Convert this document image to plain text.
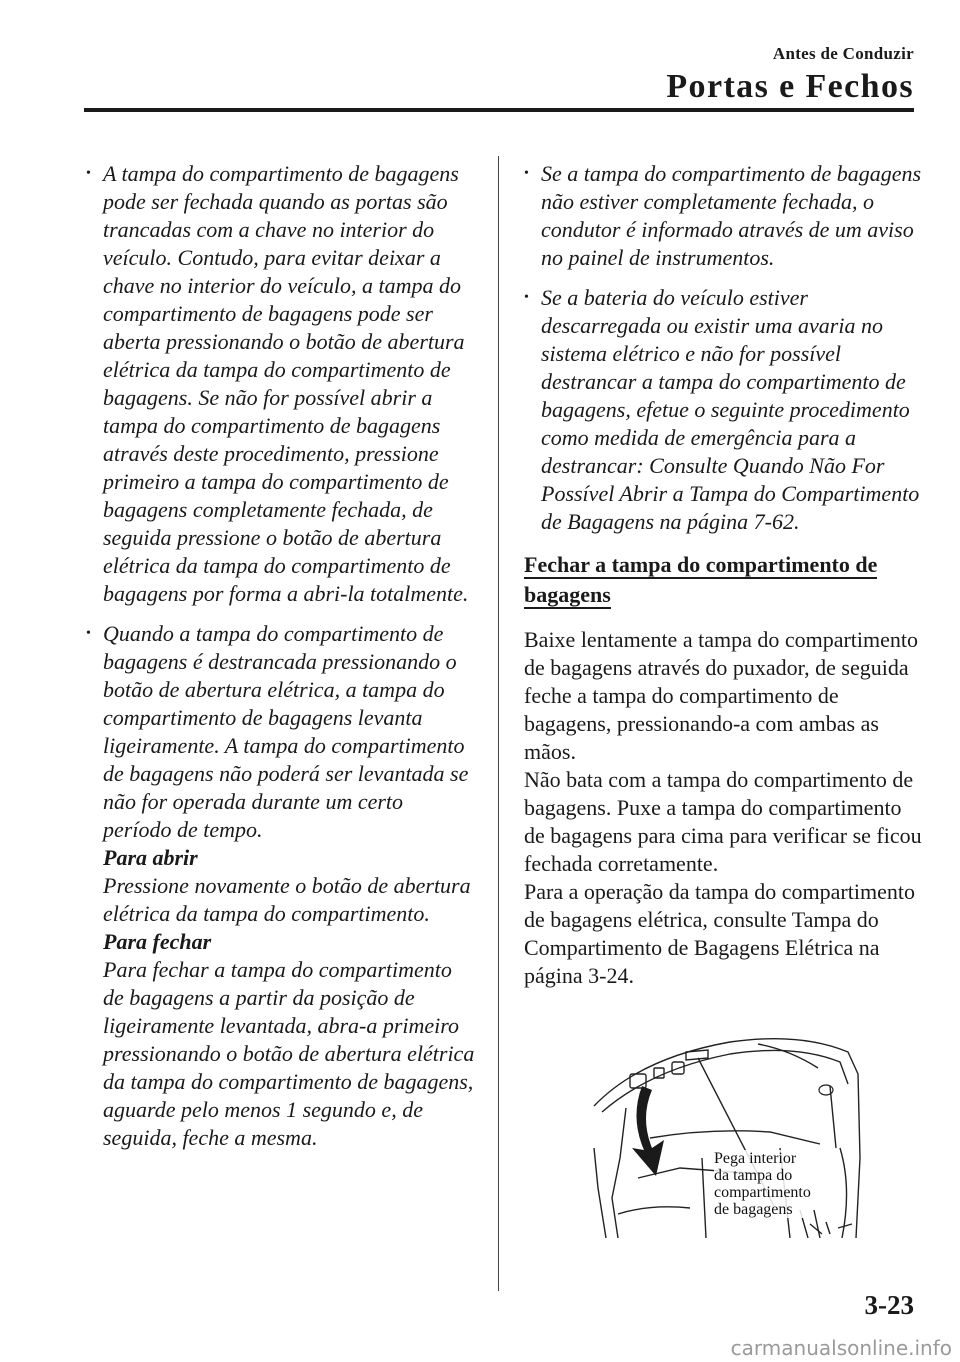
Antes de Conduzir
Portas e Fechos

• A tampa do compartimento de bagagens pode ser fechada quando as portas são trancadas com a chave no interior do veículo. Contudo, para evitar deixar a chave no interior do veículo, a tampa do compartimento de bagagens pode ser aberta pressionando o botão de abertura elétrica da tampa do compartimento de bagagens. Se não for possível abrir a tampa do compartimento de bagagens através deste procedimento, pressione primeiro a tampa do compartimento de bagagens completamente fechada, de seguida pressione o botão de abertura elétrica da tampa do compartimento de bagagens por forma a abri-la totalmente.

• Quando a tampa do compartimento de bagagens é destrancada pressionando o botão de abertura elétrica, a tampa do compartimento de bagagens levanta ligeiramente. A tampa do compartimento de bagagens não poderá ser levantada se não for operada durante um certo período de tempo.

Para abrir

Pressione novamente o botão de abertura elétrica da tampa do compartimento.

Para fechar

Para fechar a tampa do compartimento de bagagens a partir da posição de ligeiramente levantada, abra-a primeiro pressionando o botão de abertura elétrica da tampa do compartimento de bagagens, aguarde pelo menos 1 segundo e, de seguida, feche a mesma.

• Se a tampa do compartimento de bagagens não estiver completamente fechada, o condutor é informado através de um aviso no painel de instrumentos.

• Se a bateria do veículo estiver descarregada ou existir uma avaria no sistema elétrico e não for possível destrancar a tampa do compartimento de bagagens, efetue o seguinte procedimento como medida de emergência para a destrancar: Consulte Quando Não For Possível Abrir a Tampa do Compartimento de Bagagens na página 7-62.

Fechar a tampa do compartimento de bagagens

Baixe lentamente a tampa do compartimento de bagagens através do puxador, de seguida feche a tampa do compartimento de bagagens, pressionando-a com ambas as mãos.

Não bata com a tampa do compartimento de bagagens. Puxe a tampa do compartimento de bagagens para cima para verificar se ficou fechada corretamente.

Para a operação da tampa do compartimento de bagagens elétrica, consulte Tampa do Compartimento de Bagagens Elétrica na página 3-24.

Pega interior
da tampa do
compartimento
de bagagens
3-23
carmanualsonline.info
